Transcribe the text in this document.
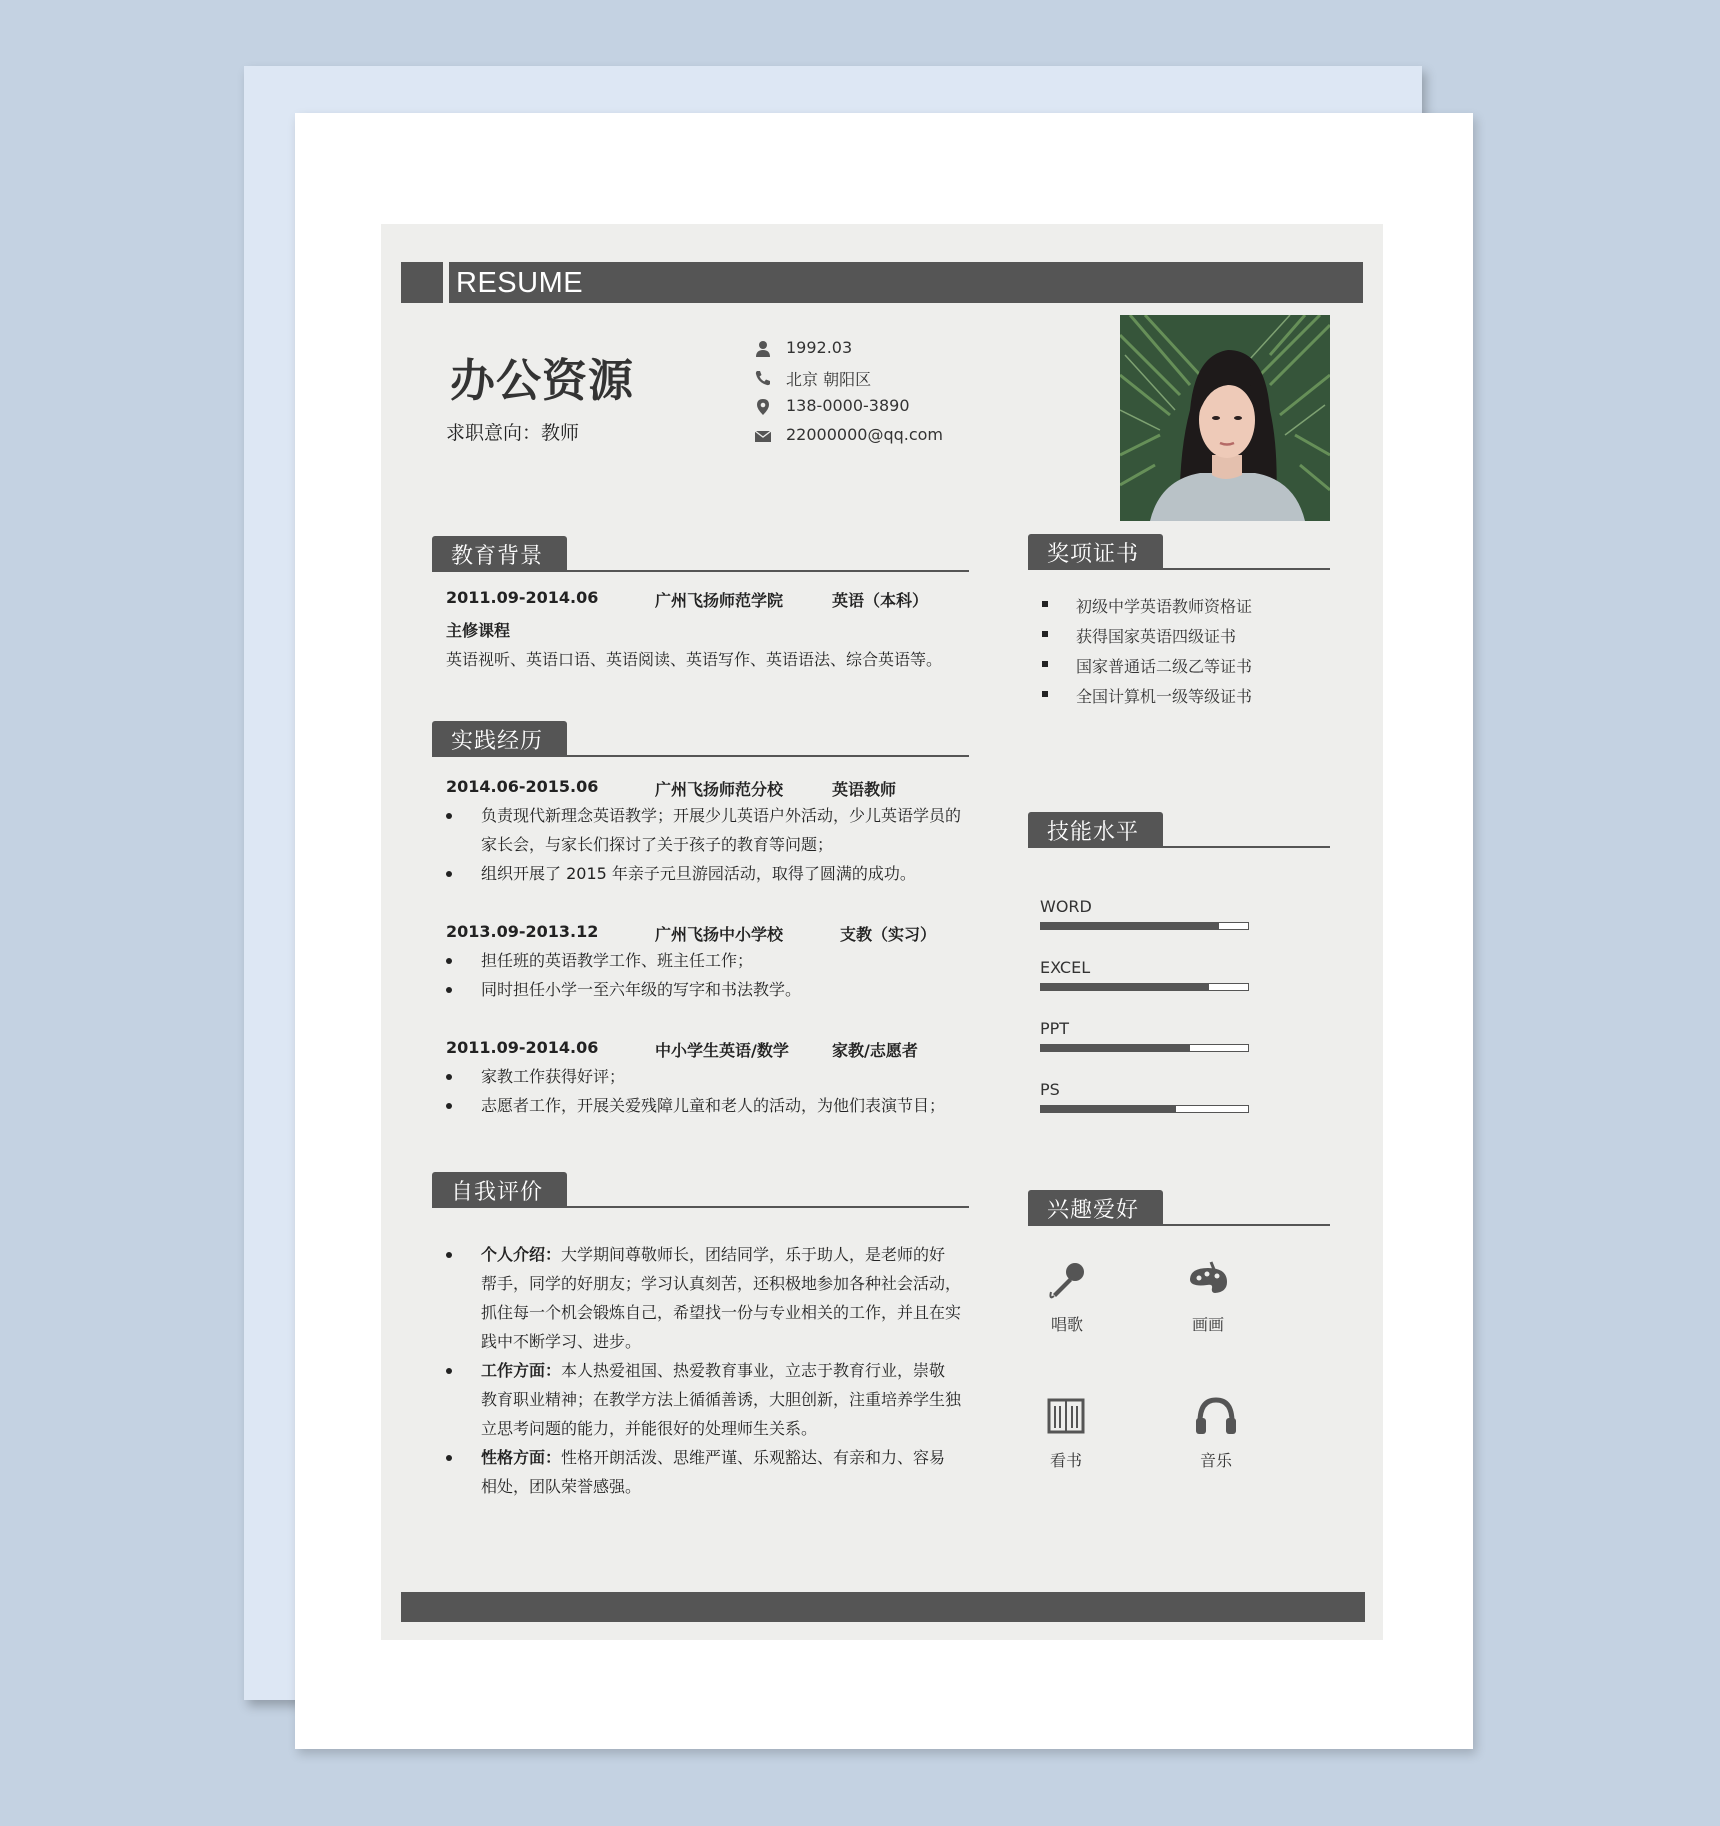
RESUME
办公资源
求职意向：教师
1992.03
北京 朝阳区
138-0000-3890
22000000@qq.com
教育背景
2011.09-2014.06	广州飞扬师范学院	英语（本科）
主修课程
英语视听、英语口语、英语阅读、英语写作、英语语法、综合英语等。
实践经历
2014.06-2015.06	广州飞扬师范分校	英语教师
负责现代新理念英语教学；开展少儿英语户外活动，少儿英语学员的家长会，与家长们探讨了关于孩子的教育等问题；
组织开展了 2015 年亲子元旦游园活动，取得了圆满的成功。
2013.09-2013.12	广州飞扬中小学校	支教（实习）
担任班的英语教学工作、班主任工作；
同时担任小学一至六年级的写字和书法教学。
2011.09-2014.06	中小学生英语/数学	家教/志愿者
家教工作获得好评；
志愿者工作，开展关爱残障儿童和老人的活动，为他们表演节目；
自我评价
个人介绍：大学期间尊敬师长，团结同学，乐于助人，是老师的好帮手，同学的好朋友；学习认真刻苦，还积极地参加各种社会活动，抓住每一个机会锻炼自己，希望找一份与专业相关的工作，并且在实践中不断学习、进步。
工作方面：本人热爱祖国、热爱教育事业，立志于教育行业，崇敬教育职业精神；在教学方法上循循善诱，大胆创新，注重培养学生独立思考问题的能力，并能很好的处理师生关系。
性格方面：性格开朗活泼、思维严谨、乐观豁达、有亲和力、容易相处，团队荣誉感强。
奖项证书
初级中学英语教师资格证
获得国家英语四级证书
国家普通话二级乙等证书
全国计算机一级等级证书
技能水平
WORD
EXCEL
PPT
PS
兴趣爱好
唱歌	画画
看书	音乐
